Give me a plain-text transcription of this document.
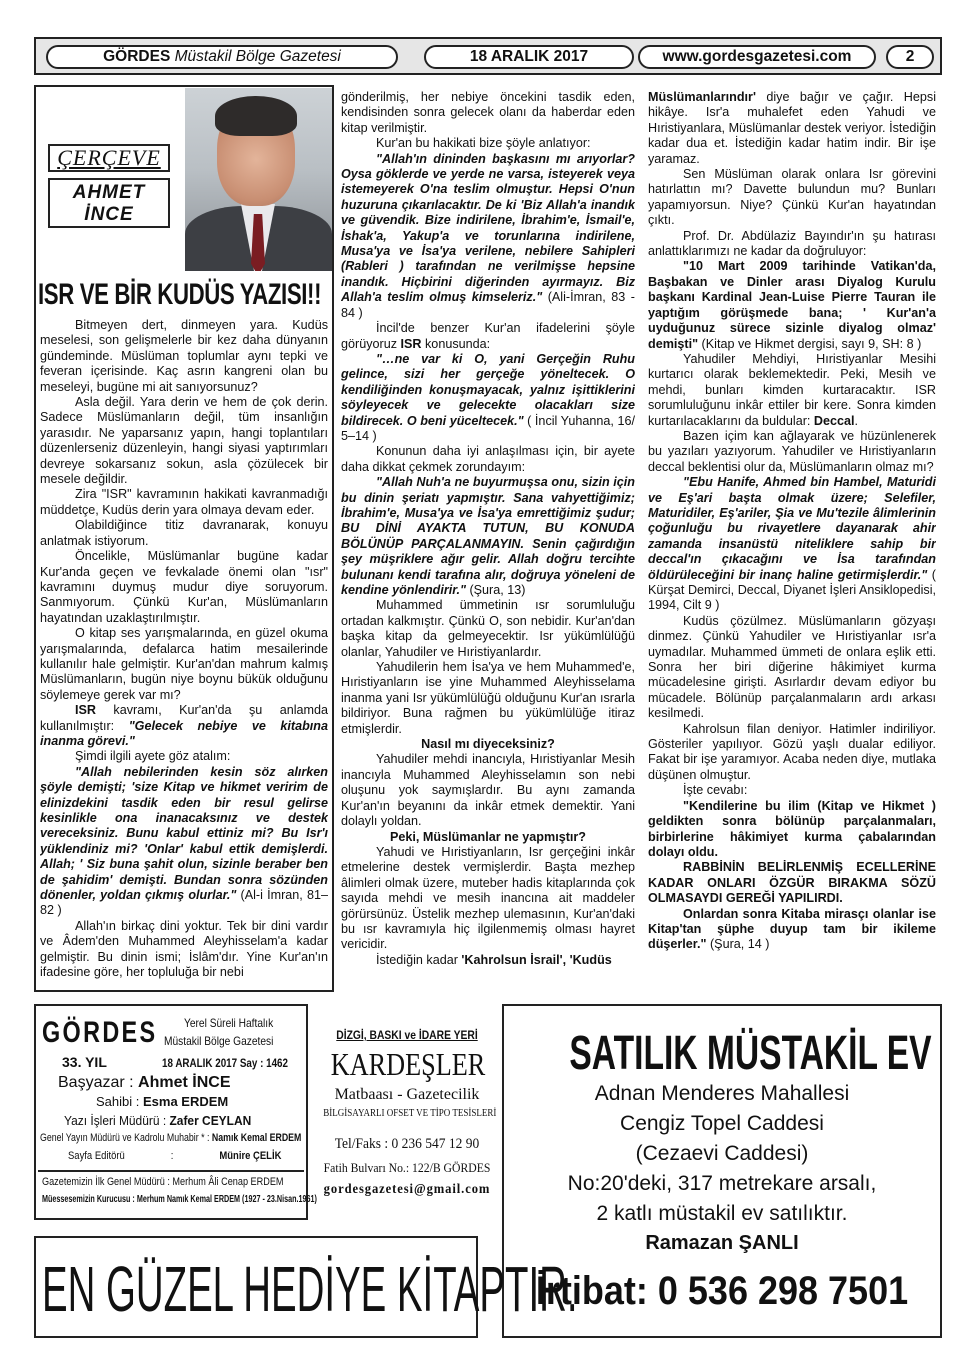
GÖRDES Müstakil Bölge Gazetesi	18 ARALIK 2017	www.gordesgazetesi.com	2
ÇERÇEVE
AHMET
İNCE
ISR VE BİR KUDÜS YAZISI!!

Bitmeyen dert, dinmeyen yara. Kudüs meselesi, son gelişmelerle bir kez daha dünyanın gündeminde. Müslüman toplumlar aynı tepki ve feveran içerisinde. Kaç asrın kangreni olan bu meseleyi, bugüne mi ait sanıyorsunuz?

Asla değil. Yara derin ve hem de çok derin. Sadece Müslümanların değil, tüm insanlığın yarasıdır. Ne yaparsanız yapın, hangi toplantıları düzenlerseniz düzenleyin, hangi siyasi yaptırımları devreye sokarsanız sokun, asla çözülecek bir mesele değildir.

Zira "ISR" kavramının hakikati kavranmadığı müddetçe, Kudüs derin yara olmaya devam eder.

Olabildiğince titiz davranarak, konuyu anlatmak istiyorum.

Öncelikle, Müslümanlar bugüne kadar Kur'anda geçen ve fevkalade önemi olan "ısr" kavramını duymuş mudur diye soruyorum. Sanmıyorum. Çünkü Kur'an, Müslümanların hayatından uzaklaştırılmıştır.

O kitap ses yarışmalarında, en güzel okuma yarışmalarında, defalarca hatim mesailerinde kullanılır hale gelmiştir. Kur'an'dan mahrum kalmış Müslümanların, bugün niye boynu bükük olduğunu söylemeye gerek var mı?

ISR kavramı, Kur'an'da şu anlamda kullanılmıştır: "Gelecek nebiye ve kitabına inanma görevi."

Şimdi ilgili ayete göz atalım:

"Allah nebilerinden kesin söz alırken şöyle demişti; 'size Kitap ve hikmet veririm de elinizdekini tasdik eden bir resul gelirse kesinlikle ona inanacaksınız ve destek vereceksiniz. Bunu kabul ettiniz mi? Bu Isr'ı yüklendiniz mi? 'Onlar' kabul ettik demişlerdi. Allah; ' Siz buna şahit olun, sizinle beraber ben de şahidim' demişti. Bundan sonra sözünden dönenler, yoldan çıkmış olurlar." (Al-i İmran, 81–82 )

Allah'ın birkaç dini yoktur. Tek bir dini vardır ve Âdem'den Muhammed Aleyhisselam'a kadar gelmiştir. Bu dinin ismi; İslâm'dır. Yine Kur'an'ın ifadesine göre, her topluluğa bir nebi

gönderilmiş, her nebiye öncekini tasdik eden, kendisinden sonra gelecek olanı da haberdar eden kitap verilmiştir.

Kur'an bu hakikati bize şöyle anlatıyor:

"Allah'ın dininden başkasını mı arıyorlar? Oysa göklerde ve yerde ne varsa, isteyerek veya istemeyerek O'na teslim olmuştur. Hepsi O'nun huzuruna çıkarılacaktır. De ki 'Biz Allah'a inandık ve güvendik. Bize indirilene, İbrahim'e, İsmail'e, İshak'a, Yakup'a ve torunlarına indirilene, Musa'ya ve İsa'ya verilene, nebilere Sahipleri (Rableri ) tarafından ne verilmişse hepsine inandık. Hiçbirini diğerinden ayırmayız. Biz Allah'a teslim olmuş kimseleriz." (Ali-İmran, 83 - 84 )

İncil'de benzer Kur'an ifadelerini şöyle görüyoruz ISR konusunda:

"…ne var ki O, yani Gerçeğin Ruhu gelince, sizi her gerçeğe yöneltecek. O kendiliğinden konuşmayacak, yalnız işittiklerini söyleyecek ve gelecekte olacakları size bildirecek. O beni yüceltecek." ( İncil Yuhanna, 16/ 5–14 )

Konunun daha iyi anlaşılması için, bir ayete daha dikkat çekmek zorundayım:

"Allah Nuh'a ne buyurmuşsa onu, sizin için bu dinin şeriatı yapmıştır. Sana vahyettiğimiz; İbrahim'e, Musa'ya ve İsa'ya emrettiğimiz şudur; BU DİNİ AYAKTA TUTUN, BU KONUDA BÖLÜNÜP PARÇALANMAYIN. Senin çağırdığın şey müşriklere ağır gelir. Allah doğru tercihte bulunanı kendi tarafına alır, doğruya yöneleni de kendine yönlendirir." (Şura, 13)

Muhammed ümmetinin ısr sorumluluğu ortadan kalkmıştır. Çünkü O, son nebidir. Kur'an'dan başka kitap da gelmeyecektir. Isr yükümlülüğü olanlar, Yahudiler ve Hıristiyanlardır.

Yahudilerin hem İsa'ya ve hem Muhammed'e, Hıristiyanların ise yine Muhammed Aleyhisselama inanma yani Isr yükümlülüğü olduğunu Kur'an ısrarla bildiriyor. Buna rağmen bu yükümlülüğe itiraz etmişlerdir.

Nasıl mı diyeceksiniz?

Yahudiler mehdi inancıyla, Hıristiyanlar Mesih inancıyla Muhammed Aleyhisselamın son nebi oluşunu yok saymışlardır. Bu aynı zamanda Kur'an'ın beyanını da inkâr etmek demektir. Yani dolaylı yoldan.

Peki, Müslümanlar ne yapmıştır?

Yahudi ve Hıristiyanların, Isr gerçeğini inkâr etmelerine destek vermişlerdir. Başta mezhep âlimleri olmak üzere, muteber hadis kitaplarında çok sayıda mehdi ve mesih inancına ait maddeler görürsünüz. Üstelik mezhep ulemasının, Kur'an'daki bu ısr kavramıyla hiç ilgilenmemiş olması hayret vericidir.

İstediğin kadar 'Kahrolsun İsrail', 'Kudüs

Müslümanlarındır' diye bağır ve çağır. Hepsi hikâye. Isr'a muhalefet eden Yahudi ve Hıristiyanlara, Müslümanlar destek veriyor. İstediğin kadar dua et. İstediğin kadar hatim indir. Bir işe yaramaz.

Sen Müslüman olarak onlara Isr görevini hatırlattın mı? Davette bulundun mu? Bunları yapamıyorsun. Niye? Çünkü Kur'an hayatından çıktı.

Prof. Dr. Abdülaziz Bayındır'ın şu hatırası anlattıklarımızı ne kadar da doğruluyor:

"10 Mart 2009 tarihinde Vatikan'da, Başbakan ve Dinler arası Diyalog Kurulu başkanı Kardinal Jean-Luise Pierre Tauran ile yaptığım görüşmede bana; ' Kur'an'a uyduğunuz sürece sizinle diyalog olmaz' demişti" (Kitap ve Hikmet dergisi, sayı 9, SH: 8 )

Yahudiler Mehdiyi, Hıristiyanlar Mesihi kurtarıcı olarak beklemektedir. Peki, Mesih ve mehdi, bunları kimden kurtaracaktır. ISR sorumluluğunu inkâr ettiler bir kere. Sonra kimden kurtarılacaklarını da buldular: Deccal.

Bazen içim kan ağlayarak ve hüzünlenerek bu yazıları yazıyorum. Yahudiler ve Hıristiyanların deccal beklentisi olur da, Müslümanların olmaz mı?

"Ebu Hanife, Ahmed bin Hambel, Maturidi ve Eş'ari başta olmak üzere; Selefiler, Maturidiler, Eş'ariler, Şia ve Mu'tezile âlimlerinin çoğunluğu bu rivayetlere dayanarak ahir zamanda insanüstü niteliklere sahip bir deccal'ın çıkacağını ve İsa tarafından öldürüleceğini bir inanç haline getirmişlerdir." ( Kürşat Demirci, Deccal, Diyanet İşleri Ansiklopedisi, 1994, Cilt 9 )

Kudüs çözülmez. Müslümanların gözyaşı dinmez. Çünkü Yahudiler ve Hıristiyanlar ısr'a uymadılar. Muhammed ümmeti de onlara eşlik etti. Sonra her biri diğerine hâkimiyet kurma mücadelesine girişti. Asırlardır devam ediyor bu mücadele. Bölünüp parçalanmaların ardı arkası kesilmedi.

Kahrolsun filan deniyor. Hatimler indiriliyor. Gösteriler yapılıyor. Gözü yaşlı dualar ediliyor. Fakat bir işe yaramıyor. Acaba neden diye, mutlaka düşünen olmuştur.

İşte cevabı:

"Kendilerine bu ilim (Kitap ve Hikmet ) geldikten sonra bölünüp parçalanmaları, birbirlerine hâkimiyet kurma çabalarından dolayı oldu.

RABBİNİN BELİRLENMİŞ ECELLERİNE KADAR ONLARI ÖZGÜR BIRAKMA SÖZÜ OLMASAYDI GEREĞİ YAPILIRDI.

Onlardan sonra Kitaba mirasçı olanlar ise Kitap'tan şüphe duyup tam bir ikileme düşerler." (Şura, 14 )

GÖRDES Yerel Süreli Haftalık
Müstakil Bölge Gazetesi
33. YIL	18 ARALIK 2017 Say : 1462
Başyazar : Ahmet İNCE
Sahibi : Esma ERDEM
Yazı İşleri Müdürü : Zafer CEYLAN
Genel Yayın Müdürü ve Kadrolu Muhabir * : Namık Kemal ERDEM
Sayfa Editörü	:	Münire ÇELİK
Gazetemizin İlk Genel Müdürü : Merhum Âli Cenap ERDEM
Müessesemizin Kurucusu : Merhum Namık Kemal ERDEM (1927 - 23.Nisan.1961)
DİZGİ, BASKI ve İDARE YERİ
KARDEŞLER
Matbaası - Gazetecilik
BİLGİSAYARLI OFSET VE TİPO TESİSLERİ
Tel/Faks : 0 236 547 12 90
Fatih Bulvarı No.: 122/B GÖRDES
gordesgazetesi@gmail.com
SATILIK MÜSTAKİL EV
Adnan Menderes Mahallesi
Cengiz Topel Caddesi
(Cezaevi Caddesi)
No:20'deki, 317 metrekare arsalı,
2 katlı müstakil ev satılıktır.
Ramazan ŞANLI
İrtibat: 0 536 298 7501
EN GÜZEL HEDİYE KİTAPTIR.
